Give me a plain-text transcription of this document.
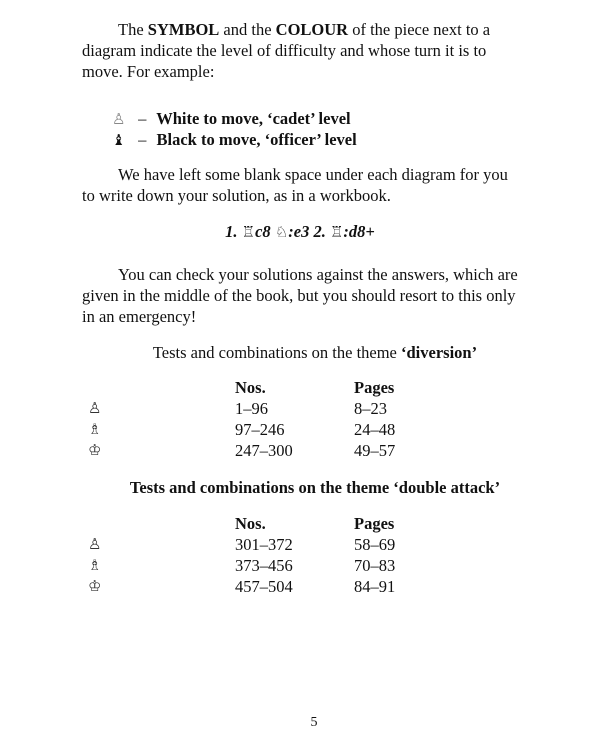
The SYMBOL and the COLOUR of the piece next to a diagram indicate the level of difficulty and whose turn it is to move. For example:

♙ – White to move, ‘cadet’ level
♝ – Black to move, ‘officer’ level

We have left some blank space under each diagram for you to write down your solution, as in a workbook.

1. ♖c8 ♘:e3 2. ♖:d8+

You can check your solutions against the answers, which are given in the middle of the book, but you should resort to this only in an emergency!

Tests and combinations on the theme ‘diversion’
Nos.	Pages
♙	1–96	8–23
♗	97–246	24–48
♔	247–300	49–57
Tests and combinations on the theme ‘double attack’
Nos.	Pages
♙	301–372	58–69
♗	373–456	70–83
♔	457–504	84–91
5
